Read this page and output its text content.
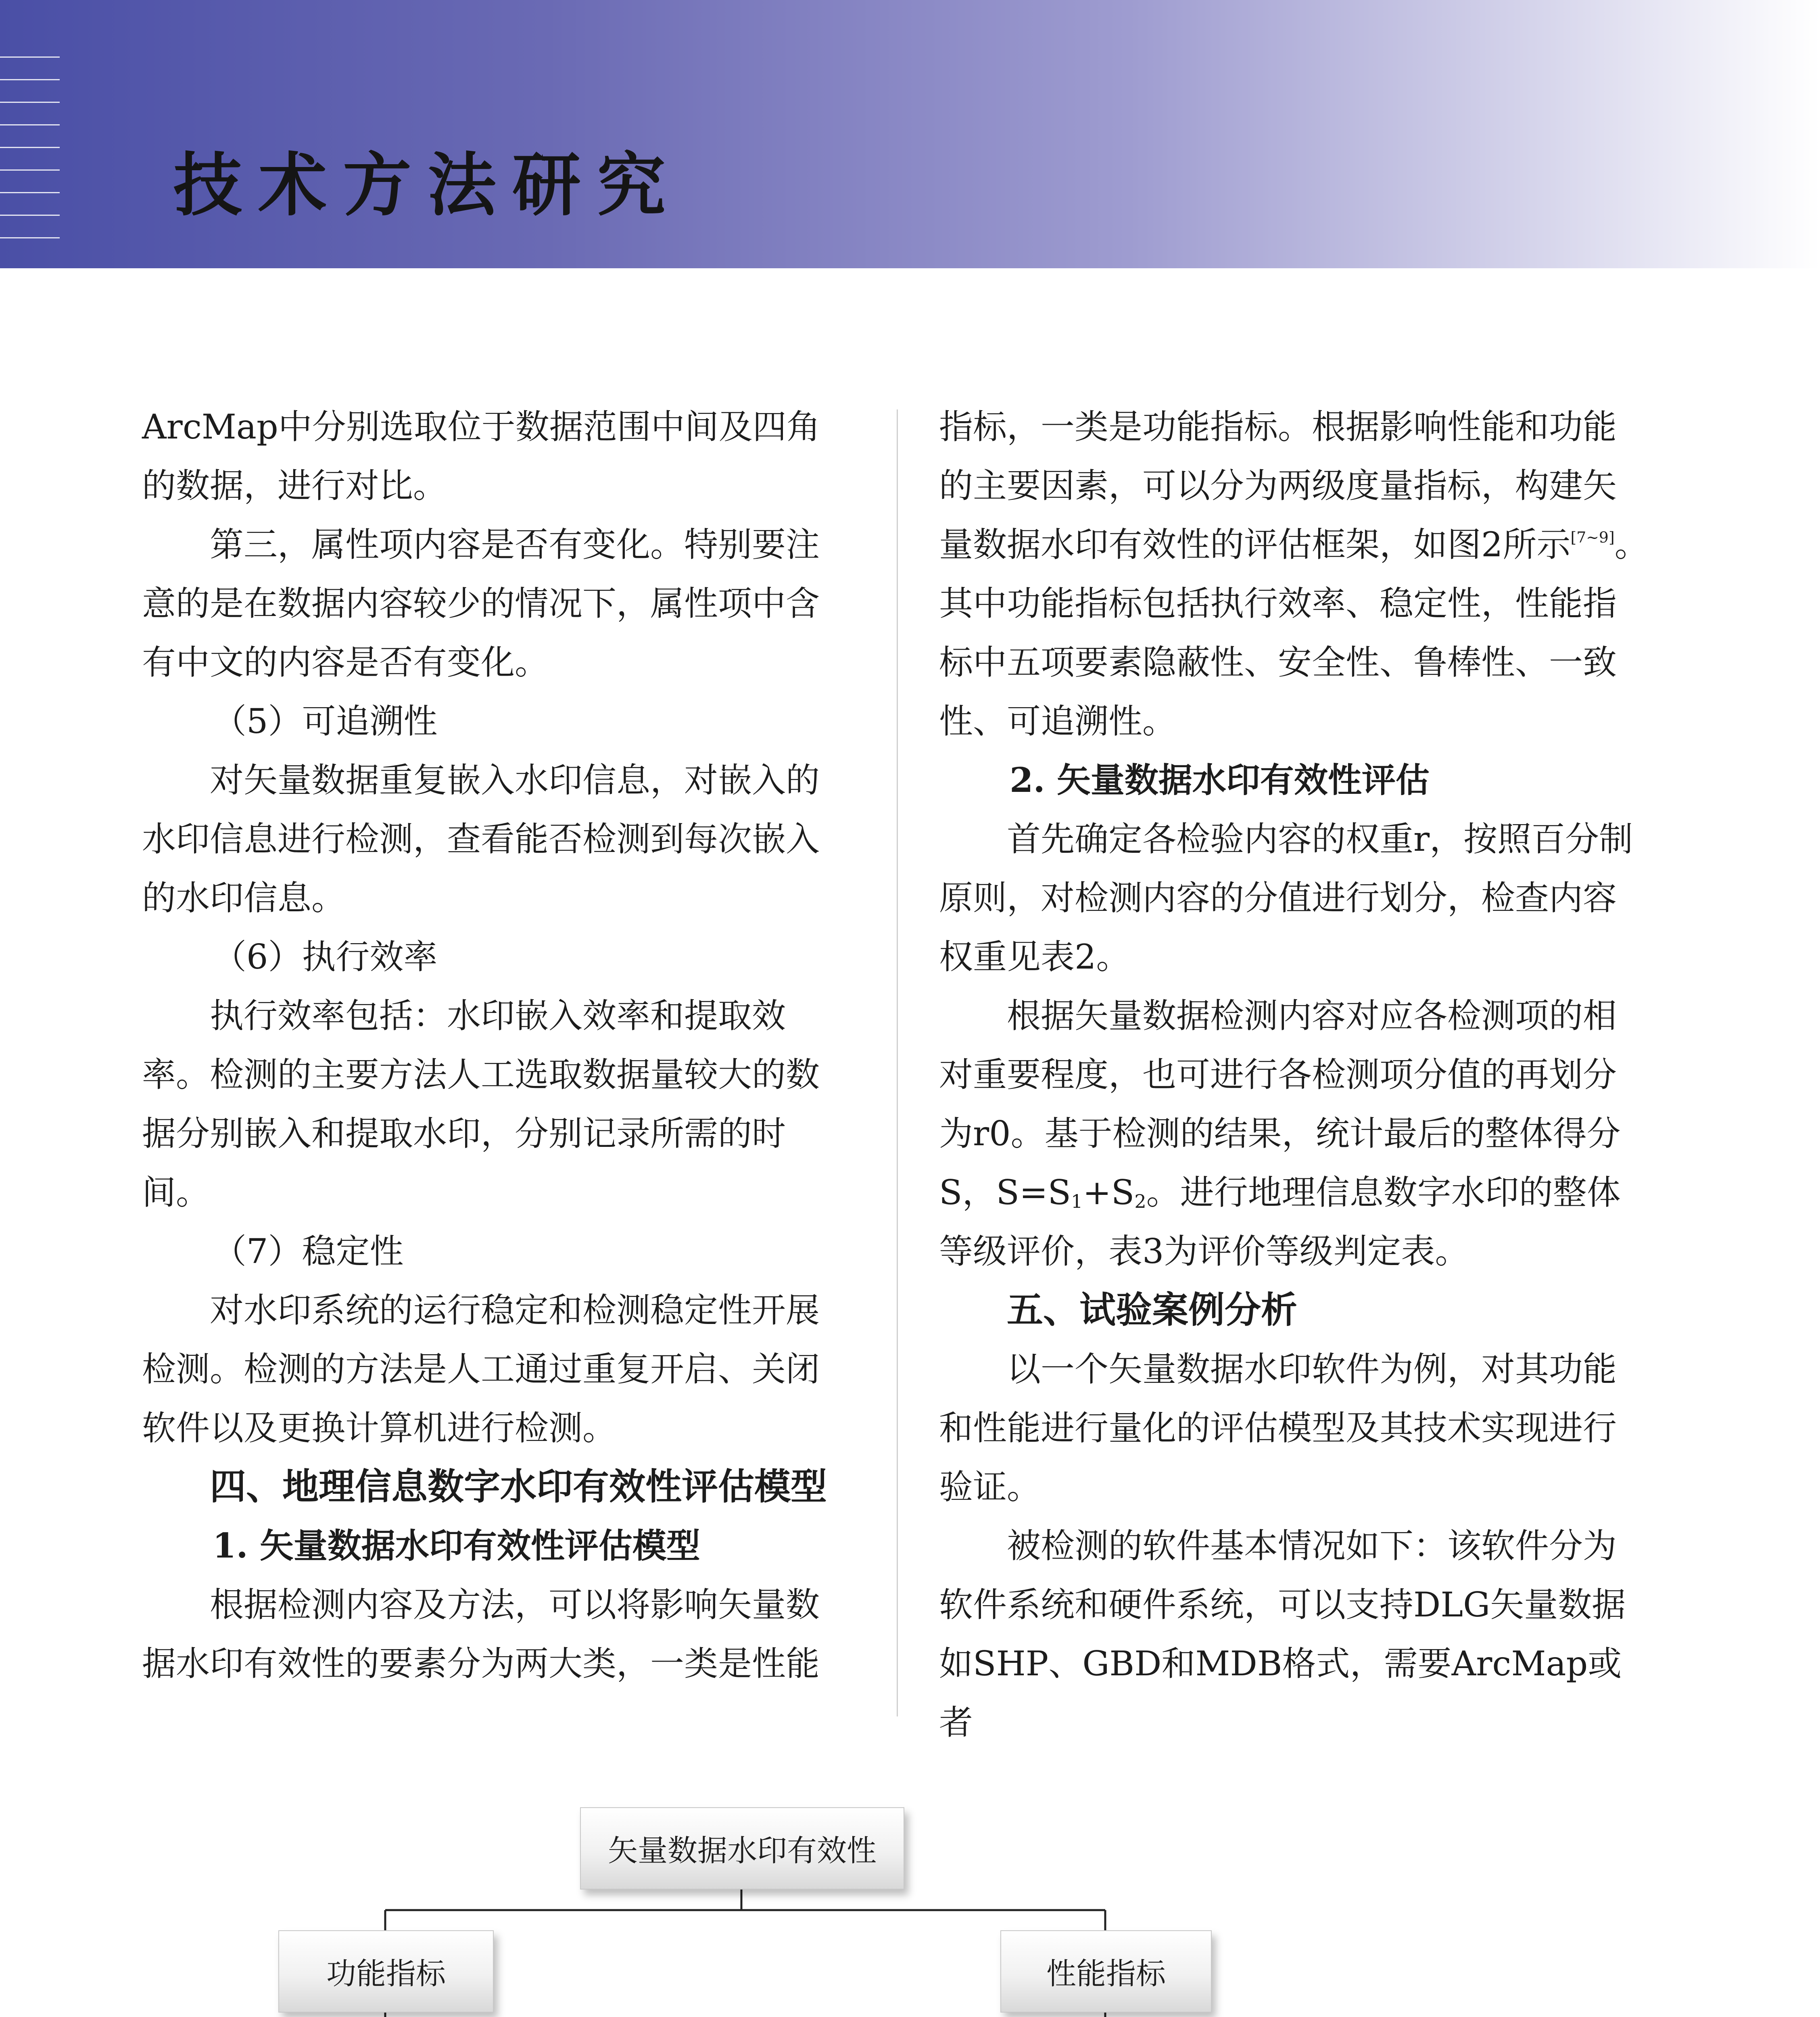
技术方法研究

ArcMap中分别选取位于数据范围中间及四角的数据，进行对比。

第三，属性项内容是否有变化。特别要注意的是在数据内容较少的情况下，属性项中含有中文的内容是否有变化。

（5）可追溯性

对矢量数据重复嵌入水印信息，对嵌入的水印信息进行检测，查看能否检测到每次嵌入的水印信息。

（6）执行效率

执行效率包括：水印嵌入效率和提取效率。检测的主要方法人工选取数据量较大的数据分别嵌入和提取水印，分别记录所需的时间。

（7）稳定性

对水印系统的运行稳定和检测稳定性开展检测。检测的方法是人工通过重复开启、关闭软件以及更换计算机进行检测。

四、地理信息数字水印有效性评估模型

1. 矢量数据水印有效性评估模型

根据检测内容及方法，可以将影响矢量数据水印有效性的要素分为两大类，一类是性能

指标，一类是功能指标。根据影响性能和功能的主要因素，可以分为两级度量指标，构建矢量数据水印有效性的评估框架，如图2所示[7~9]。其中功能指标包括执行效率、稳定性，性能指标中五项要素隐蔽性、安全性、鲁棒性、一致性、可追溯性。

2. 矢量数据水印有效性评估

首先确定各检验内容的权重r，按照百分制原则，对检测内容的分值进行划分，检查内容权重见表2。

根据矢量数据检测内容对应各检测项的相对重要程度，也可进行各检测项分值的再划分为r0。基于检测的结果，统计最后的整体得分S，$S=S_1+S_2$。进行地理信息数字水印的整体等级评价，表3为评价等级判定表。

五、试验案例分析

以一个矢量数据水印软件为例，对其功能和性能进行量化的评估模型及其技术实现进行验证。

被检测的软件基本情况如下：该软件分为软件系统和硬件系统，可以支持DLG矢量数据如SHP、GBD和MDB格式，需要ArcMap或者

矢量数据水印有效性
功能指标	性能指标
